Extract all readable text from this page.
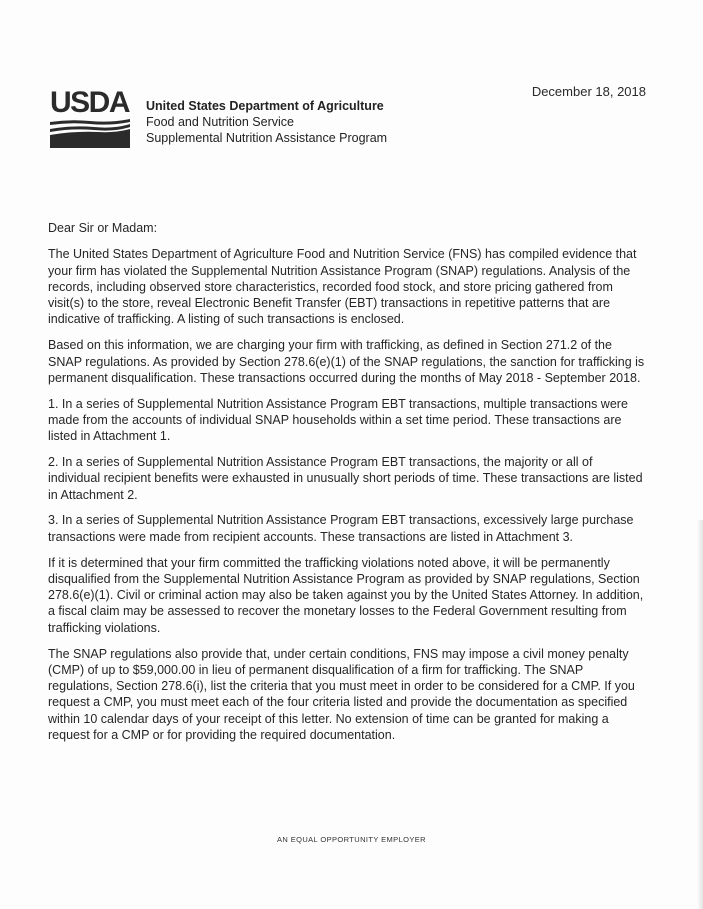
December 18, 2018
USDA United States Department of Agriculture
Food and Nutrition Service
Supplemental Nutrition Assistance Program

Dear Sir or Madam:

The United States Department of Agriculture Food and Nutrition Service (FNS) has compiled evidence that your firm has violated the Supplemental Nutrition Assistance Program (SNAP) regulations. Analysis of the records, including observed store characteristics, recorded food stock, and store pricing gathered from visit(s) to the store, reveal Electronic Benefit Transfer (EBT) transactions in repetitive patterns that are indicative of trafficking. A listing of such transactions is enclosed.

Based on this information, we are charging your firm with trafficking, as defined in Section 271.2 of the SNAP regulations. As provided by Section 278.6(e)(1) of the SNAP regulations, the sanction for trafficking is permanent disqualification. These transactions occurred during the months of May 2018 - September 2018.

1. In a series of Supplemental Nutrition Assistance Program EBT transactions, multiple transactions were made from the accounts of individual SNAP households within a set time period. These transactions are listed in Attachment 1.

2. In a series of Supplemental Nutrition Assistance Program EBT transactions, the majority or all of individual recipient benefits were exhausted in unusually short periods of time. These transactions are listed in Attachment 2.

3. In a series of Supplemental Nutrition Assistance Program EBT transactions, excessively large purchase transactions were made from recipient accounts. These transactions are listed in Attachment 3.

If it is determined that your firm committed the trafficking violations noted above, it will be permanently disqualified from the Supplemental Nutrition Assistance Program as provided by SNAP regulations, Section 278.6(e)(1). Civil or criminal action may also be taken against you by the United States Attorney. In addition, a fiscal claim may be assessed to recover the monetary losses to the Federal Government resulting from trafficking violations.

The SNAP regulations also provide that, under certain conditions, FNS may impose a civil money penalty (CMP) of up to $59,000.00 in lieu of permanent disqualification of a firm for trafficking. The SNAP regulations, Section 278.6(i), list the criteria that you must meet in order to be considered for a CMP. If you request a CMP, you must meet each of the four criteria listed and provide the documentation as specified within 10 calendar days of your receipt of this letter. No extension of time can be granted for making a request for a CMP or for providing the required documentation.

AN EQUAL OPPORTUNITY EMPLOYER
